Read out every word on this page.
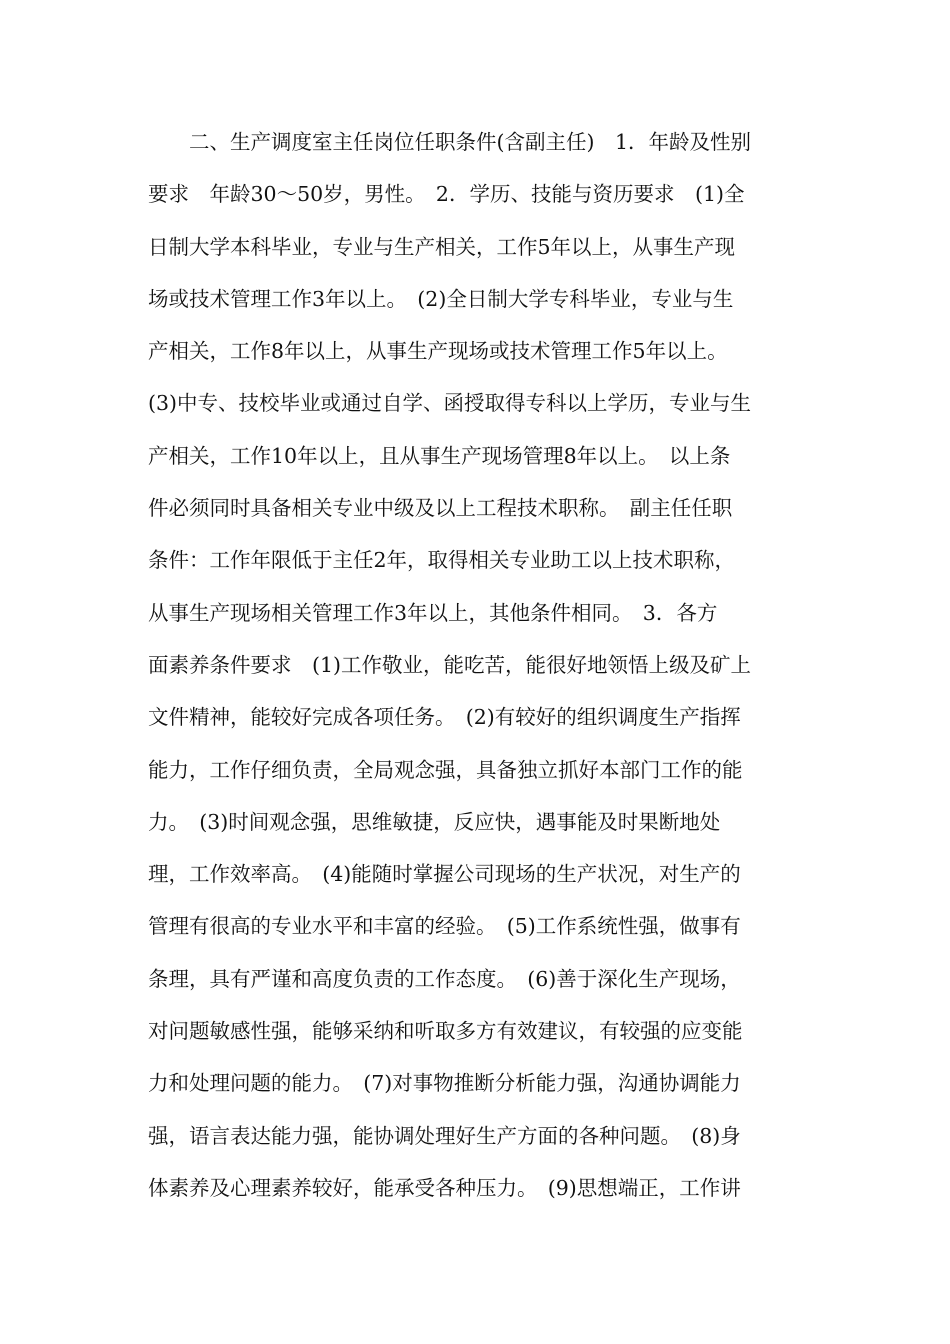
　　二、生产调度室主任岗位任职条件(含副主任)　1．年龄及性别
要求　年龄30～50岁，男性。　2．学历、技能与资历要求　(1)全
日制大学本科毕业，专业与生产相关，工作5年以上，从事生产现
场或技术管理工作3年以上。　(2)全日制大学专科毕业，专业与生
产相关，工作8年以上，从事生产现场或技术管理工作5年以上。
(3)中专、技校毕业或通过自学、函授取得专科以上学历，专业与生
产相关，工作10年以上，且从事生产现场管理8年以上。　以上条
件必须同时具备相关专业中级及以上工程技术职称。　副主任任职
条件：工作年限低于主任2年，取得相关专业助工以上技术职称，
从事生产现场相关管理工作3年以上，其他条件相同。　3．各方
面素养条件要求　(1)工作敬业，能吃苦，能很好地领悟上级及矿上
文件精神，能较好完成各项任务。　(2)有较好的组织调度生产指挥
能力，工作仔细负责，全局观念强，具备独立抓好本部门工作的能
力。　(3)时间观念强，思维敏捷，反应快，遇事能及时果断地处
理，工作效率高。　(4)能随时掌握公司现场的生产状况，对生产的
管理有很高的专业水平和丰富的经验。　(5)工作系统性强，做事有
条理，具有严谨和高度负责的工作态度。　(6)善于深化生产现场，
对问题敏感性强，能够采纳和听取多方有效建议，有较强的应变能
力和处理问题的能力。　(7)对事物推断分析能力强，沟通协调能力
强，语言表达能力强，能协调处理好生产方面的各种问题。　(8)身
体素养及心理素养较好，能承受各种压力。　(9)思想端正，工作讲
